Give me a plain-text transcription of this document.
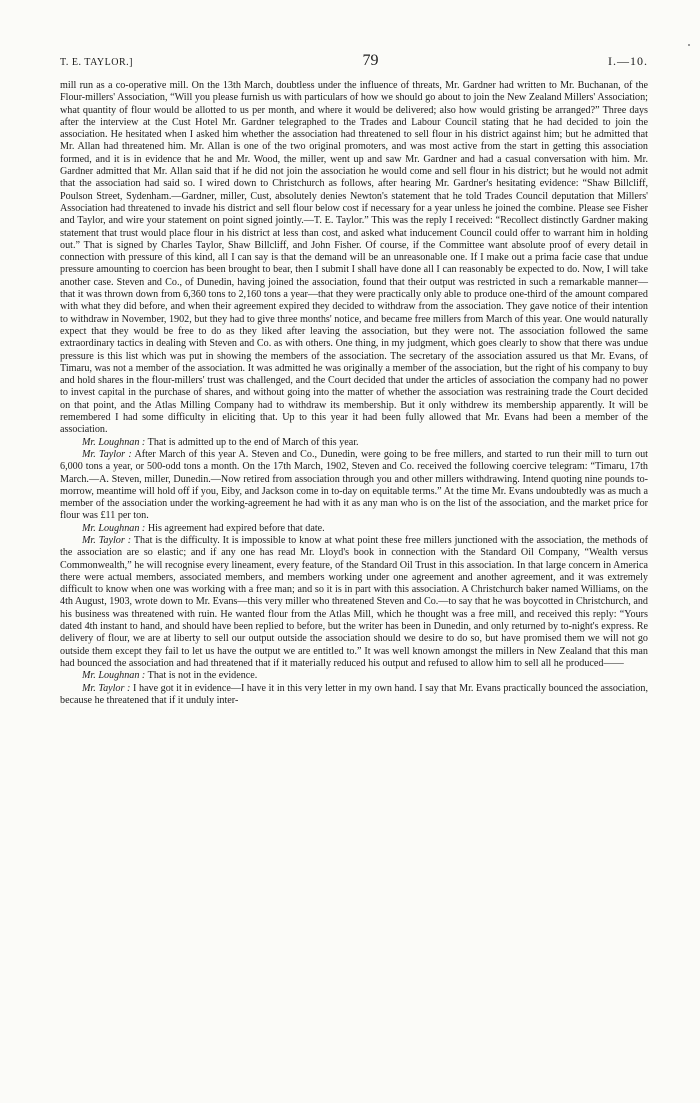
T. E. TAYLOR.]	79	I.—10.

mill run as a co-operative mill. On the 13th March, doubtless under the influence of threats, Mr. Gardner had written to Mr. Buchanan, of the Flour-millers' Association, “Will you please furnish us with particulars of how we should go about to join the New Zealand Millers' Association; what quantity of flour would be allotted to us per month, and where it would be delivered; also how would gristing be arranged?” Three days after the interview at the Cust Hotel Mr. Gardner telegraphed to the Trades and Labour Council stating that he had decided to join the association. He hesitated when I asked him whether the association had threatened to sell flour in his district against him; but he admitted that Mr. Allan had threatened him. Mr. Allan is one of the two original promoters, and was most active from the start in getting this association formed, and it is in evidence that he and Mr. Wood, the miller, went up and saw Mr. Gardner and had a casual conversation with him. Mr. Gardner admitted that Mr. Allan said that if he did not join the association he would come and sell flour in his district; but he would not admit that the association had said so. I wired down to Christchurch as follows, after hearing Mr. Gardner's hesitating evidence: “Shaw Billcliff, Poulson Street, Sydenham.—Gardner, miller, Cust, absolutely denies Newton's statement that he told Trades Council deputation that Millers' Association had threatened to invade his district and sell flour below cost if necessary for a year unless he joined the combine. Please see Fisher and Taylor, and wire your statement on point signed jointly.—T. E. Taylor.” This was the reply I received: “Recollect distinctly Gardner making statement that trust would place flour in his district at less than cost, and asked what inducement Council could offer to warrant him in holding out.” That is signed by Charles Taylor, Shaw Billcliff, and John Fisher. Of course, if the Committee want absolute proof of every detail in connection with pressure of this kind, all I can say is that the demand will be an unreasonable one. If I make out a prima facie case that undue pressure amounting to coercion has been brought to bear, then I submit I shall have done all I can reasonably be expected to do. Now, I will take another case. Steven and Co., of Dunedin, having joined the association, found that their output was restricted in such a remarkable manner—that it was thrown down from 6,360 tons to 2,160 tons a year—that they were practically only able to produce one-third of the amount compared with what they did before, and when their agreement expired they decided to withdraw from the association. They gave notice of their intention to withdraw in November, 1902, but they had to give three months' notice, and became free millers from March of this year. One would naturally expect that they would be free to do as they liked after leaving the association, but they were not. The association followed the same extraordinary tactics in dealing with Steven and Co. as with others. One thing, in my judgment, which goes clearly to show that there was undue pressure is this list which was put in showing the members of the association. The secretary of the association assured us that Mr. Evans, of Timaru, was not a member of the association. It was admitted he was originally a member of the association, but the right of his company to buy and hold shares in the flour-millers' trust was challenged, and the Court decided that under the articles of association the company had no power to invest capital in the purchase of shares, and without going into the matter of whether the association was restraining trade the Court decided on that point, and the Atlas Milling Company had to withdraw its membership. But it only withdrew its membership apparently. It will be remembered I had some difficulty in eliciting that. Up to this year it had been fully allowed that Mr. Evans had been a member of the association.

Mr. Loughnan : That is admitted up to the end of March of this year.

Mr. Taylor : After March of this year A. Steven and Co., Dunedin, were going to be free millers, and started to run their mill to turn out 6,000 tons a year, or 500-odd tons a month. On the 17th March, 1902, Steven and Co. received the following coercive telegram: “Timaru, 17th March.—A. Steven, miller, Dunedin.—Now retired from association through you and other millers withdrawing. Intend quoting nine pounds to-morrow, meantime will hold off if you, Eiby, and Jackson come in to-day on equitable terms.” At the time Mr. Evans undoubtedly was as much a member of the association under the working-agreement he had with it as any man who is on the list of the association, and the market price for flour was £11 per ton.

Mr. Loughnan : His agreement had expired before that date.

Mr. Taylor : That is the difficulty. It is impossible to know at what point these free millers junctioned with the association, the methods of the association are so elastic; and if any one has read Mr. Lloyd's book in connection with the Standard Oil Company, “Wealth versus Commonwealth,” he will recognise every lineament, every feature, of the Standard Oil Trust in this association. In that large concern in America there were actual members, associated members, and members working under one agreement and another agreement, and it was extremely difficult to know when one was working with a free man; and so it is in part with this association. A Christchurch baker named Williams, on the 4th August, 1903, wrote down to Mr. Evans—this very miller who threatened Steven and Co.—to say that he was boycotted in Christchurch, and his business was threatened with ruin. He wanted flour from the Atlas Mill, which he thought was a free mill, and received this reply: “Yours dated 4th instant to hand, and should have been replied to before, but the writer has been in Dunedin, and only returned by to-night's express. Re delivery of flour, we are at liberty to sell our output outside the association should we desire to do so, but have promised them we will not go outside them except they fail to let us have the output we are entitled to.” It was well known amongst the millers in New Zealand that this man had bounced the association and had threatened that if it materially reduced his output and refused to allow him to sell all he produced——

Mr. Loughnan : That is not in the evidence.

Mr. Taylor : I have got it in evidence—I have it in this very letter in my own hand. I say that Mr. Evans practically bounced the association, because he threatened that if it unduly inter-
